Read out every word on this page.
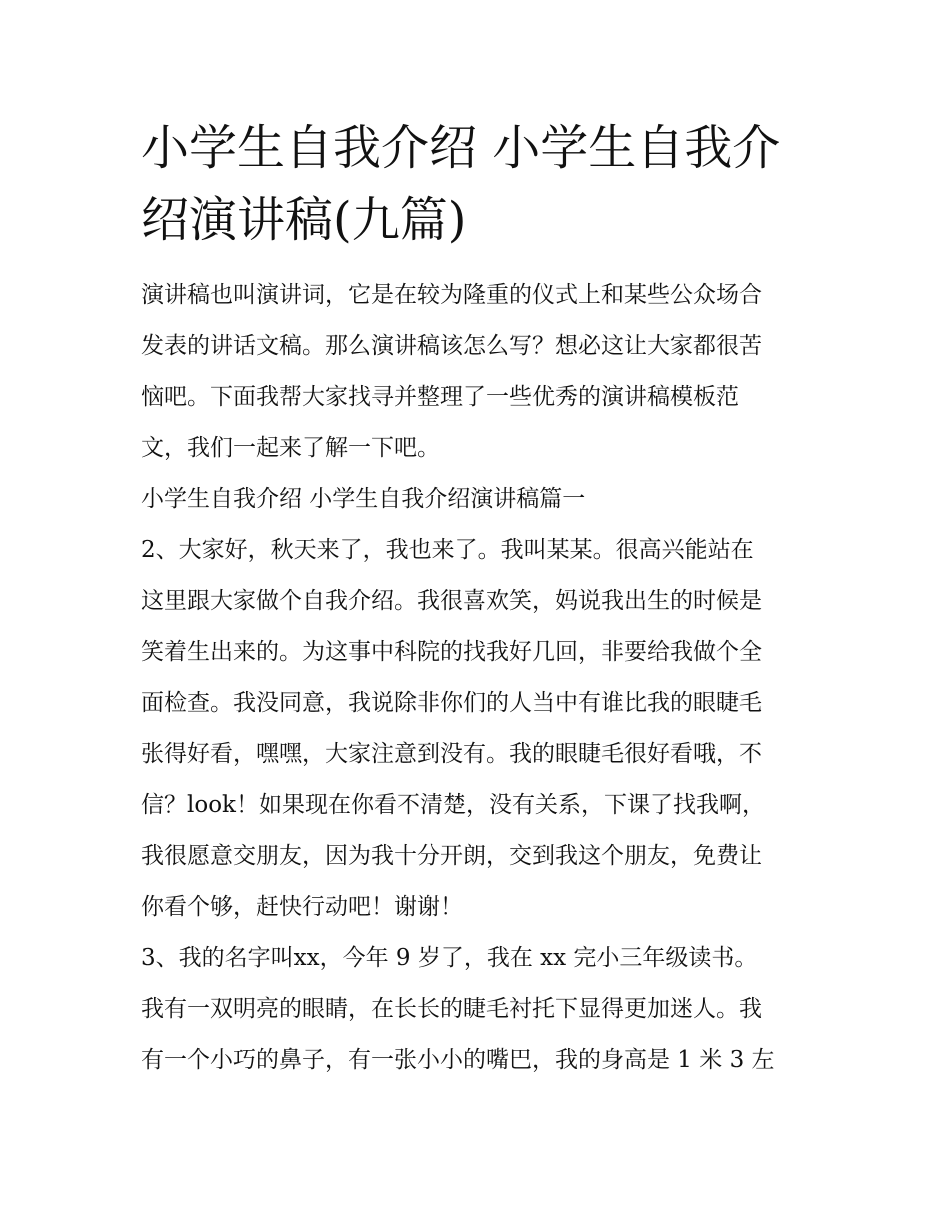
小学生自我介绍 小学生自我介
绍演讲稿(九篇)

演讲稿也叫演讲词，它是在较为隆重的仪式上和某些公众场合
发表的讲话文稿。那么演讲稿该怎么写？想必这让大家都很苦
恼吧。下面我帮大家找寻并整理了一些优秀的演讲稿模板范
文，我们一起来了解一下吧。

小学生自我介绍 小学生自我介绍演讲稿篇一

2、大家好，秋天来了，我也来了。我叫某某。很高兴能站在
这里跟大家做个自我介绍。我很喜欢笑，妈说我出生的时候是
笑着生出来的。为这事中科院的找我好几回，非要给我做个全
面检查。我没同意，我说除非你们的人当中有谁比我的眼睫毛
张得好看，嘿嘿，大家注意到没有。我的眼睫毛很好看哦，不
信？look！如果现在你看不清楚，没有关系，下课了找我啊，
我很愿意交朋友，因为我十分开朗，交到我这个朋友，免费让
你看个够，赶快行动吧！谢谢！

3、我的名字叫xx，今年 9 岁了，我在 xx 完小三年级读书。
我有一双明亮的眼睛，在长长的睫毛衬托下显得更加迷人。我
有一个小巧的鼻子，有一张小小的嘴巴，我的身高是 1 米 3 左
